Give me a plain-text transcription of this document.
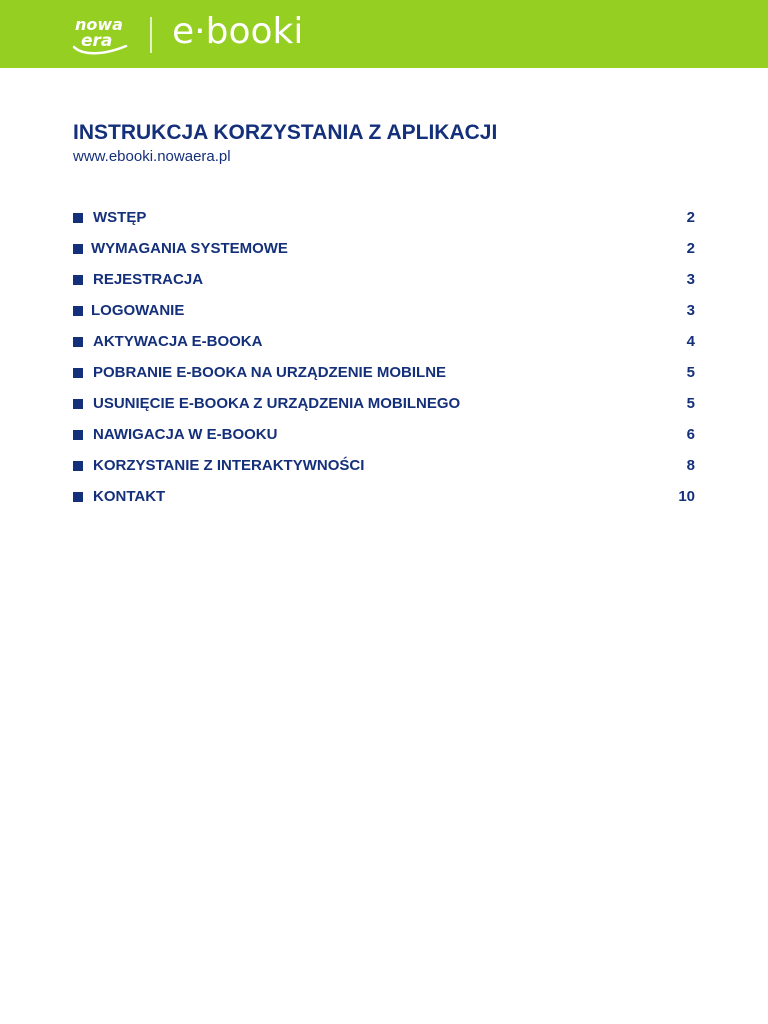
nowa
era e·booki
INSTRUKCJA KORZYSTANIA Z APLIKACJI
www.ebooki.nowaera.pl
WSTĘP	2
WYMAGANIA SYSTEMOWE	2
REJESTRACJA	3
LOGOWANIE	3
AKTYWACJA E-BOOKA	4
POBRANIE E-BOOKA NA URZĄDZENIE MOBILNE	5
USUNIĘCIE E-BOOKA Z URZĄDZENIA MOBILNEGO	5
NAWIGACJA W E-BOOKU	6
KORZYSTANIE Z INTERAKTYWNOŚCI	8
KONTAKT	10
